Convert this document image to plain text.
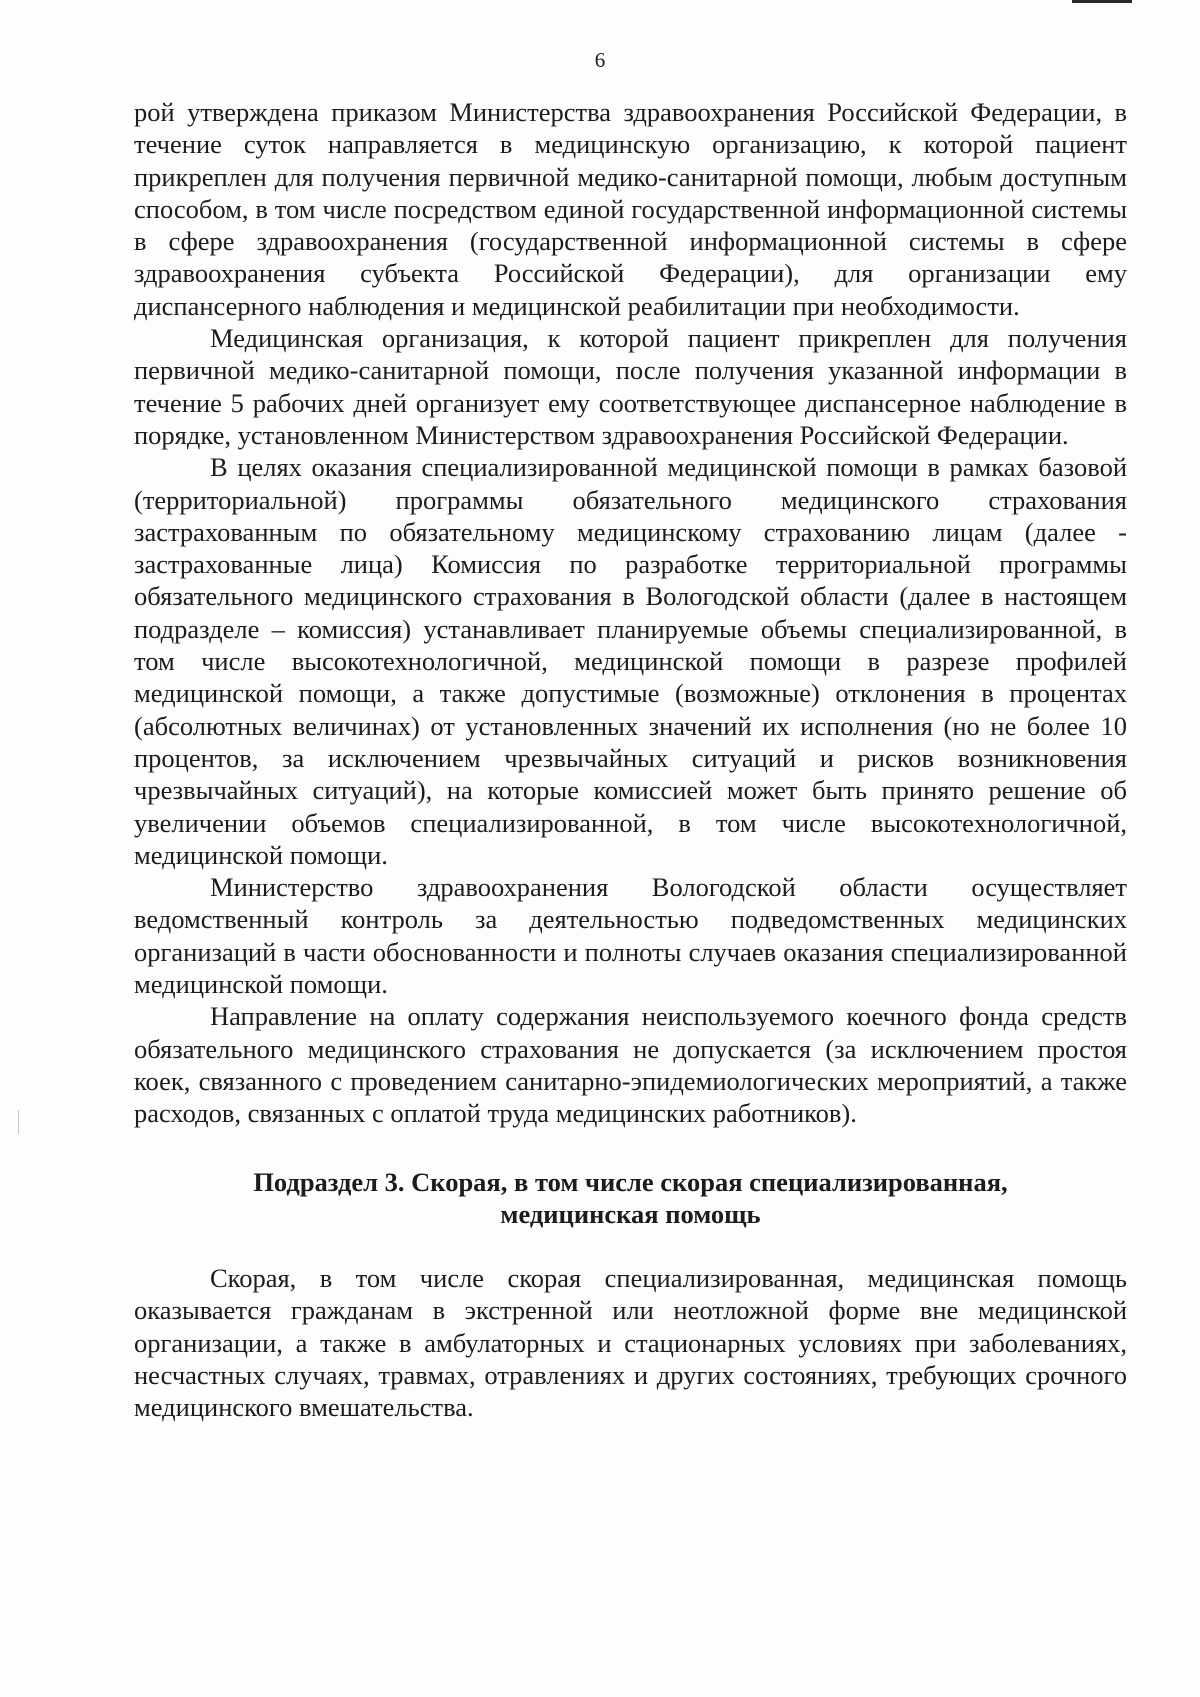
6

рой утверждена приказом Министерства здравоохранения Российской Федерации, в течение суток направляется в медицинскую организацию, к которой пациент прикреплен для получения первичной медико-санитарной помощи, любым доступным способом, в том числе посредством единой государственной информационной системы в сфере здравоохранения (государственной информационной системы в сфере здравоохранения субъекта Российской Федерации), для организации ему диспансерного наблюдения и медицинской реабилитации при необходимости.

Медицинская организация, к которой пациент прикреплен для получения первичной медико-санитарной помощи, после получения указанной информации в течение 5 рабочих дней организует ему соответствующее диспансерное наблюдение в порядке, установленном Министерством здравоохранения Российской Федерации.

В целях оказания специализированной медицинской помощи в рамках базовой (территориальной) программы обязательного медицинского страхования застрахованным по обязательному медицинскому страхованию лицам (далее - застрахованные лица) Комиссия по разработке территориальной программы обязательного медицинского страхования в Вологодской области (далее в настоящем подразделе – комиссия) устанавливает планируемые объемы специализированной, в том числе высокотехнологичной, медицинской помощи в разрезе профилей медицинской помощи, а также допустимые (возможные) отклонения в процентах (абсолютных величинах) от установленных значений их исполнения (но не более 10 процентов, за исключением чрезвычайных ситуаций и рисков возникновения чрезвычайных ситуаций), на которые комиссией может быть принято решение об увеличении объемов специализированной, в том числе высокотехнологичной, медицинской помощи.

Министерство здравоохранения Вологодской области осуществляет ведомственный контроль за деятельностью подведомственных медицинских организаций в части обоснованности и полноты случаев оказания специализированной медицинской помощи.

Направление на оплату содержания неиспользуемого коечного фонда средств обязательного медицинского страхования не допускается (за исключением простоя коек, связанного с проведением санитарно-эпидемиологических мероприятий, а также расходов, связанных с оплатой труда медицинских работников).

Подраздел 3. Скорая, в том числе скорая специализированная,
медицинская помощь

Скорая, в том числе скорая специализированная, медицинская помощь оказывается гражданам в экстренной или неотложной форме вне медицинской организации, а также в амбулаторных и стационарных условиях при заболеваниях, несчастных случаях, травмах, отравлениях и других состояниях, требующих срочного медицинского вмешательства.
